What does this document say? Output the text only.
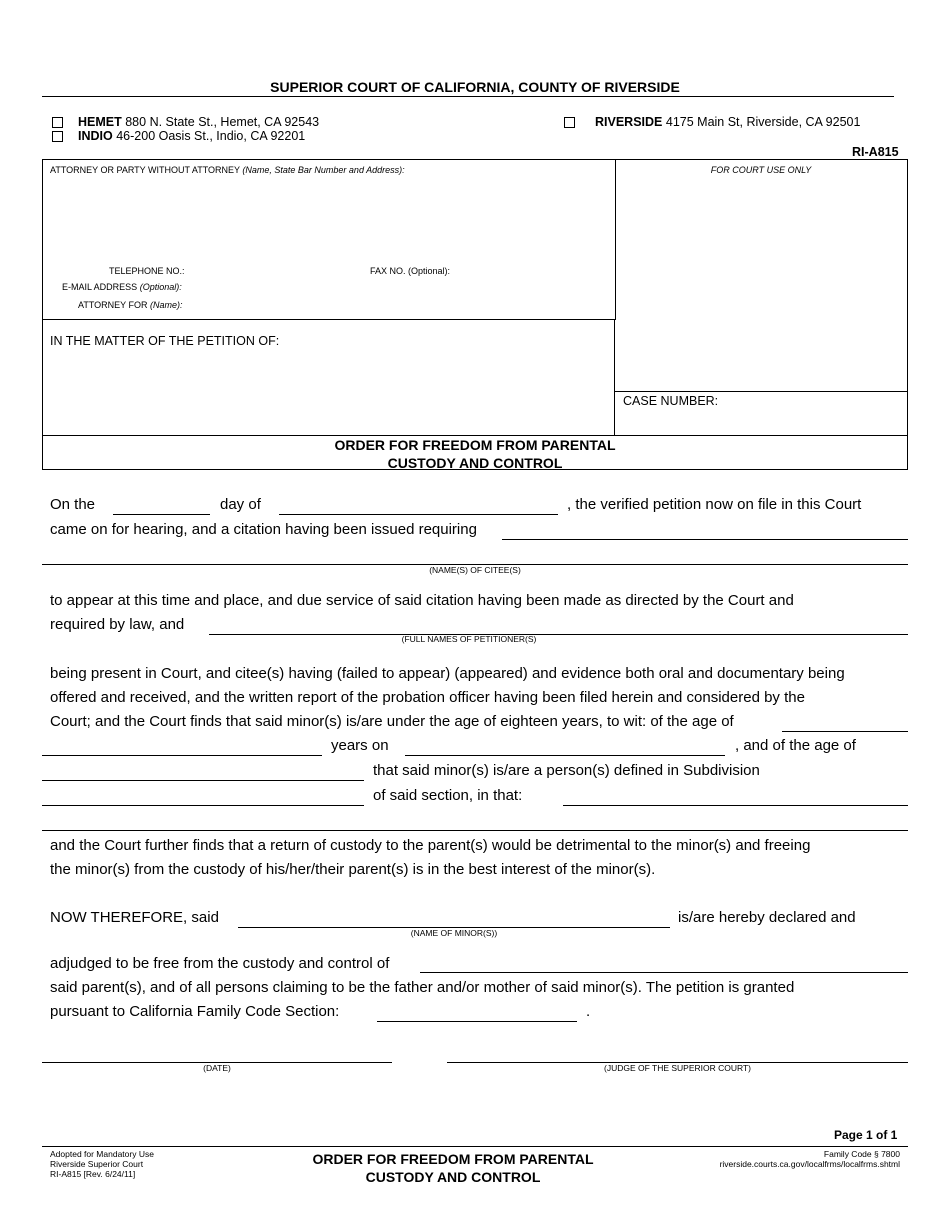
SUPERIOR COURT OF CALIFORNIA, COUNTY OF RIVERSIDE
HEMET 880 N. State St., Hemet, CA 92543
INDIO 46-200 Oasis St., Indio, CA 92201
RIVERSIDE 4175 Main St, Riverside, CA 92501
RI-A815
ATTORNEY OR PARTY WITHOUT ATTORNEY (Name, State Bar Number and Address):	FOR COURT USE ONLY
TELEPHONE NO.:	FAX NO. (Optional):
E-MAIL ADDRESS (Optional):
ATTORNEY FOR (Name):
IN THE MATTER OF THE PETITION OF:
CASE NUMBER:
ORDER FOR FREEDOM FROM PARENTAL
CUSTODY AND CONTROL
On the	day of	, the verified petition now on file in this Court
came on for hearing, and a citation having been issued requiring
(NAME(S) OF CITEE(S)
to appear at this time and place, and due service of said citation having been made as directed by the Court and
required by law, and
(FULL NAMES OF PETITIONER(S)
being present in Court, and citee(s) having (failed to appear) (appeared) and evidence both oral and documentary being
offered and received, and the written report of the probation officer having been filed herein and considered by the
Court; and the Court finds that said minor(s) is/are under the age of eighteen years, to wit: of the age of
years on	, and of the age of
that said minor(s) is/are a person(s) defined in Subdivision
of said section, in that:
and the Court further finds that a return of custody to the parent(s) would be detrimental to the minor(s) and freeing
the minor(s) from the custody of his/her/their parent(s) is in the best interest of the minor(s).
NOW THEREFORE, said
(NAME OF MINOR(S))
is/are hereby declared and
adjudged to be free from the custody and control of
said parent(s), and of all persons claiming to be the father and/or mother of said minor(s). The petition is granted
pursuant to California Family Code Section:	.
(DATE)	(JUDGE OF THE SUPERIOR COURT)
Page 1 of 1
Adopted for Mandatory Use
Riverside Superior Court
RI-A815 [Rev. 6/24/11]
ORDER FOR FREEDOM FROM PARENTAL
CUSTODY AND CONTROL
Family Code § 7800
riverside.courts.ca.gov/localfrms/localfrms.shtml
